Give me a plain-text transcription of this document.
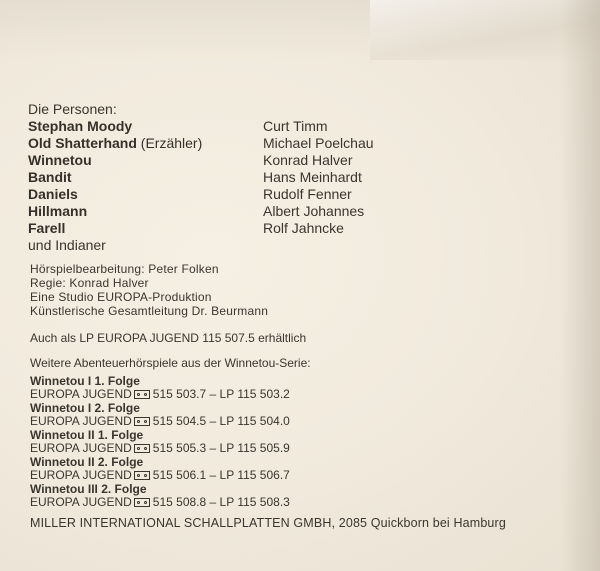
Die Personen:
Stephan Moody	Curt Timm
Old Shatterhand (Erzähler)	Michael Poelchau
Winnetou	Konrad Halver
Bandit	Hans Meinhardt
Daniels	Rudolf Fenner
Hillmann	Albert Johannes
Farell	Rolf Jahncke
und Indianer
Hörspielbearbeitung: Peter Folken
Regie: Konrad Halver
Eine Studio EUROPA-Produktion
Künstlerische Gesamtleitung Dr. Beurmann
Auch als LP EUROPA JUGEND 115 507.5 erhältlich
Weitere Abenteuerhörspiele aus der Winnetou-Serie:
Winnetou I 1. Folge
EUROPA JUGEND 515 503.7 – LP 115 503.2
Winnetou I 2. Folge
EUROPA JUGEND 515 504.5 – LP 115 504.0
Winnetou II 1. Folge
EUROPA JUGEND 515 505.3 – LP 115 505.9
Winnetou II 2. Folge
EUROPA JUGEND 515 506.1 – LP 115 506.7
Winnetou III 2. Folge
EUROPA JUGEND 515 508.8 – LP 115 508.3
MILLER INTERNATIONAL SCHALLPLATTEN GMBH, 2085 Quickborn bei Hamburg
